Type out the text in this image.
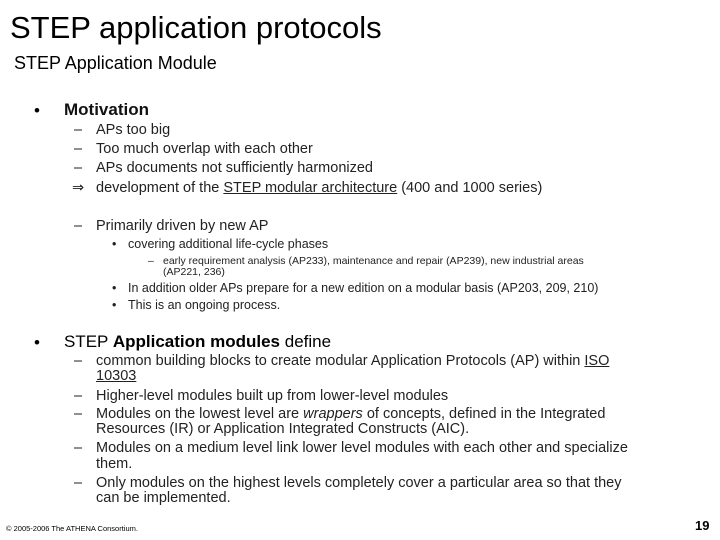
STEP application protocols
STEP Application Module
• Motivation
– APs too big
– Too much overlap with each other
– APs documents not sufficiently harmonized
⇒ development of the STEP modular architecture (400 and 1000 series)
– Primarily driven by new AP
• covering additional life-cycle phases
– early requirement analysis (AP233), maintenance and repair (AP239), new industrial areas
(AP221, 236)
• In addition older APs prepare for a new edition on a modular basis (AP203, 209, 210)
• This is an ongoing process.
• STEP Application modules define
– common building blocks to create modular Application Protocols (AP) within ISO
10303
– Higher-level modules built up from lower-level modules
– Modules on the lowest level are wrappers of concepts, defined in the Integrated
Resources (IR) or Application Integrated Constructs (AIC).
– Modules on a medium level link lower level modules with each other and specialize
them.
– Only modules on the highest levels completely cover a particular area so that they
can be implemented.
© 2005-2006 The ATHENA Consortium.	19
